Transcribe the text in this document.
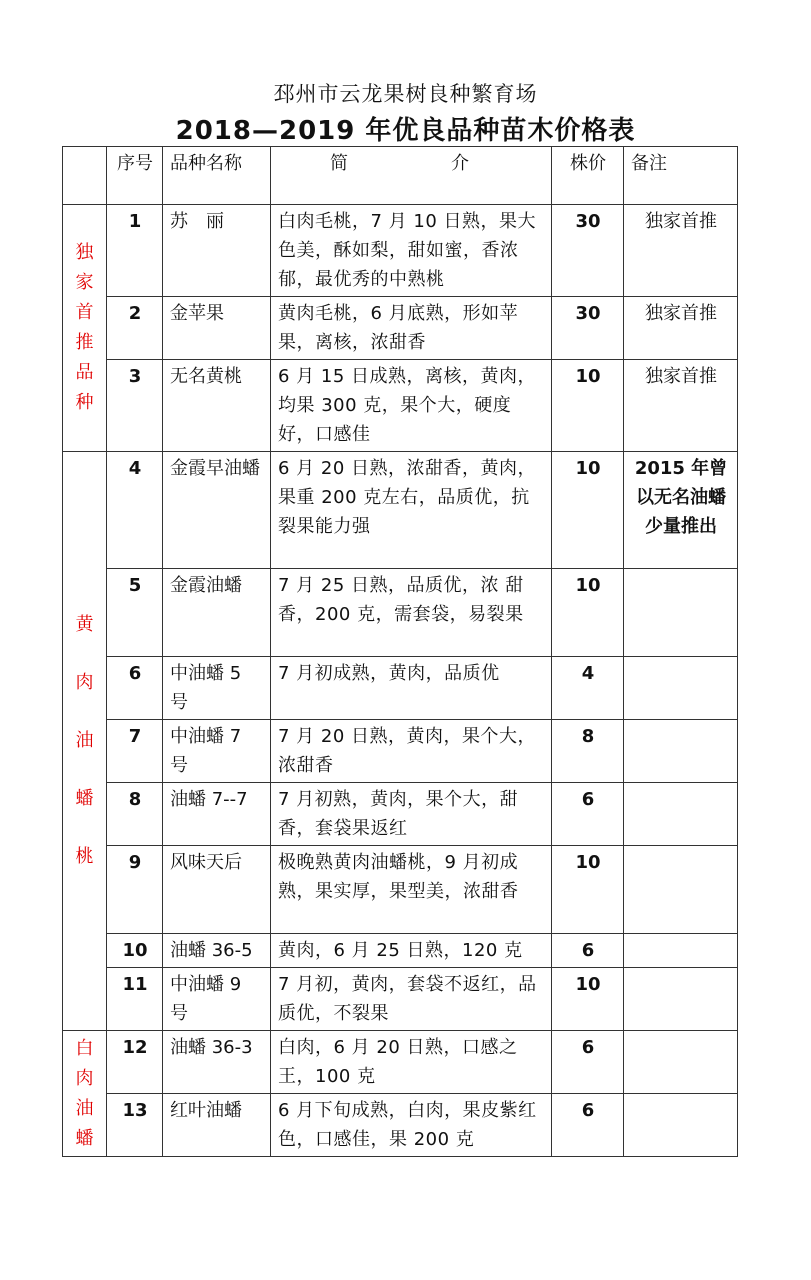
邳州市云龙果树良种繁育场
2018—2019 年优良品种苗木价格表
	序号	品种名称	简 介	株价	备注
独家首推品种	1	苏　丽	白肉毛桃，7 月 10 日熟，果大色美，酥如梨，甜如蜜，香浓郁，最优秀的中熟桃	30	独家首推
	2	金苹果	黄肉毛桃，6 月底熟，形如苹果，离核，浓甜香	30	独家首推
	3	无名黄桃	6 月 15 日成熟，离核，黄肉，均果 300 克，果个大，硬度好，口感佳	10	独家首推
黄肉油蟠桃	4	金霞早油蟠	6 月 20 日熟，浓甜香，黄肉，果重 200 克左右，品质优，抗裂果能力强	10	2015 年曾以无名油蟠少量推出
	5	金霞油蟠	7 月 25 日熟，品质优，浓 甜香，200 克，需套袋，易裂果	10	
	6	中油蟠 5 号	7 月初成熟，黄肉，品质优	4	
	7	中油蟠 7 号	7 月 20 日熟，黄肉，果个大，浓甜香	8	
	8	油蟠 7--7	7 月初熟，黄肉，果个大，甜香，套袋果返红	6	
	9	风味天后	极晚熟黄肉油蟠桃，9 月初成熟，果实厚，果型美，浓甜香	10	
	10	油蟠 36-5	黄肉，6 月 25 日熟，120 克	6	
	11	中油蟠 9 号	7 月初，黄肉，套袋不返红，品质优，不裂果	10	
白肉油蟠	12	油蟠 36-3	白肉，6 月 20 日熟，口感之王，100 克	6	
	13	红叶油蟠	6 月下旬成熟，白肉，果皮紫红色，口感佳，果 200 克	6	
